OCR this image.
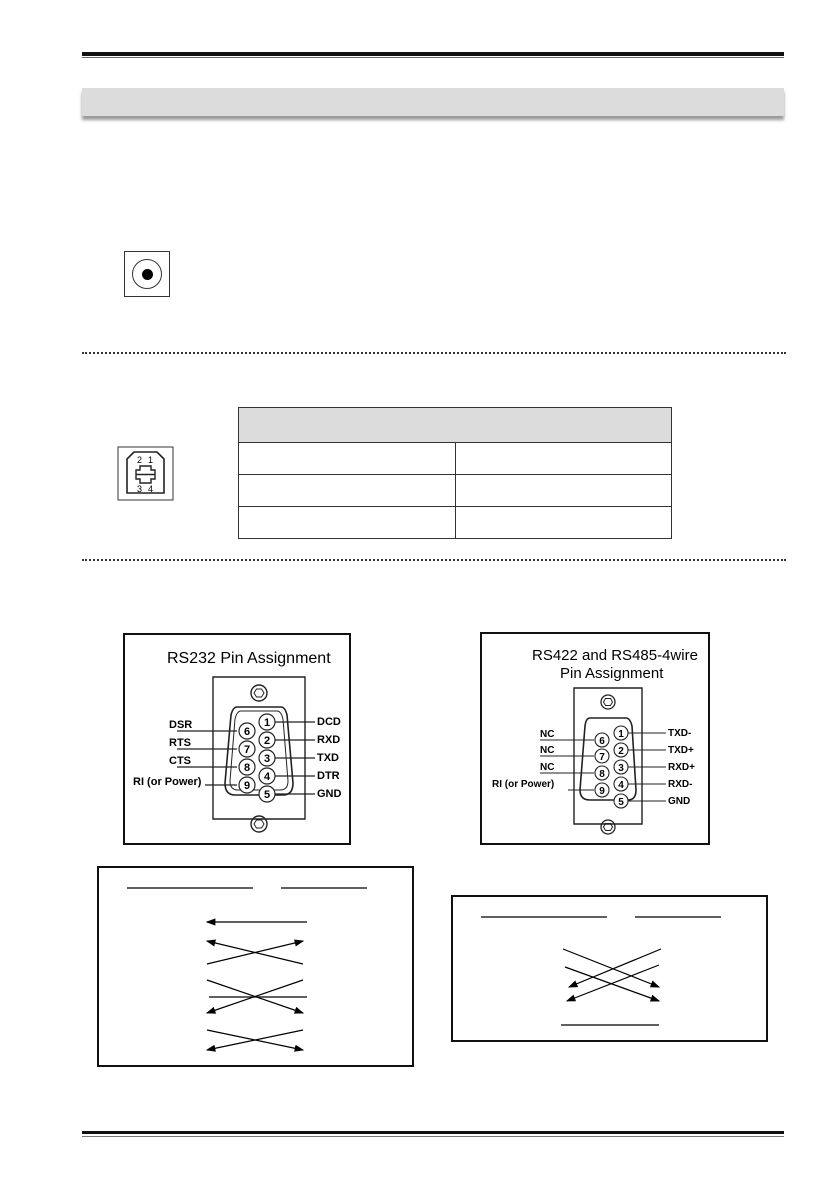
2 1
3 4

RS232 Pin Assignment
1
2
3
4
5
6
7
8
9
DCD
RXD
TXD
DTR
GND
DSR
RTS
CTS
RI (or Power)
RS422 and RS485-4wire
Pin Assignment
1
2
3
4
5
6
7
8
9
TXD-
TXD+
RXD+
RXD-
GND
NC
NC
NC
RI (or Power)
